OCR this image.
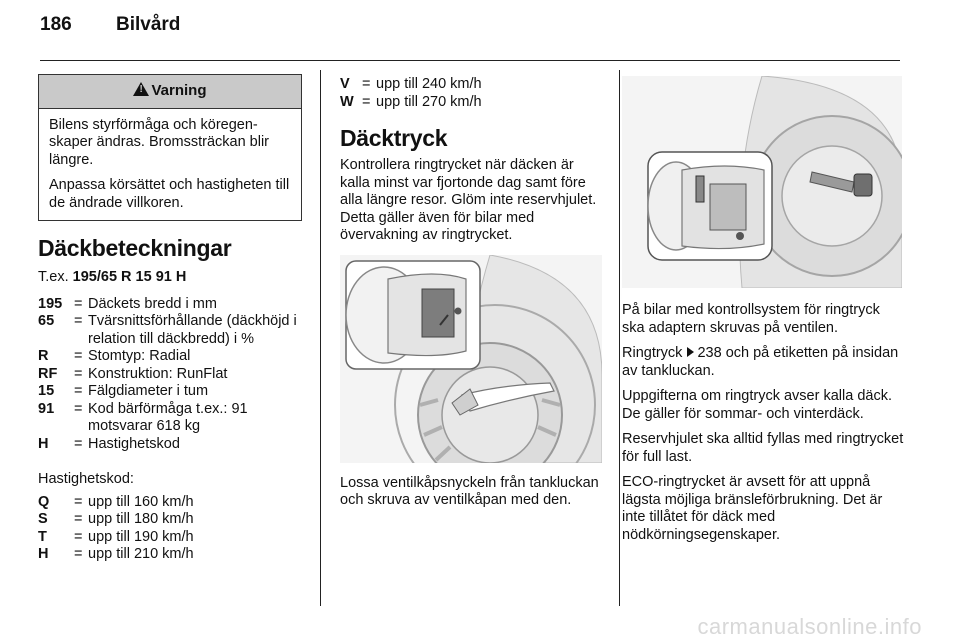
186 Bilvård
!Varning

Bilens styrförmåga och köregenskaper ändras. Bromssträckan blir längre.

Anpassa körsättet och hastigheten till de ändrade villkoren.

Däckbeteckningar
T.ex. 195/65 R 15 91 H
195 = Däckets bredd i mm
65	= Tvärsnittsförhållande (däckhöjd i relation till däckbredd) i %
R	= Stomtyp: Radial
RF	= Konstruktion: RunFlat
15	= Fälgdiameter i tum
91	= Kod bärförmåga t.ex.: 91 motsvarar 618 kg
H	= Hastighetskod
Hastighetskod:
Q	= upp till 160 km/h
S	= upp till 180 km/h
T	= upp till 190 km/h
H	= upp till 210 km/h
V = upp till 240 km/h
W = upp till 270 km/h
Däcktryck

Kontrollera ringtrycket när däcken är kalla minst var fjortonde dag samt före alla längre resor. Glöm inte reservhjulet. Detta gäller även för bilar med övervakning av ringtrycket.

Lossa ventilkåpsnyckeln från tankluckan och skruva av ventilkåpan med den.

På bilar med kontrollsystem för ringtryck ska adaptern skruvas på ventilen.

Ringtryck 238 och på etiketten på insidan av tankluckan.

Uppgifterna om ringtryck avser kalla däck. De gäller för sommar- och vinterdäck.

Reservhjulet ska alltid fyllas med ringtrycket för full last.

ECO-ringtrycket är avsett för att uppnå lägsta möjliga bränsleförbrukning. Det är inte tillåtet för däck med nödkörningsegenskaper.

carmanualsonline.info
